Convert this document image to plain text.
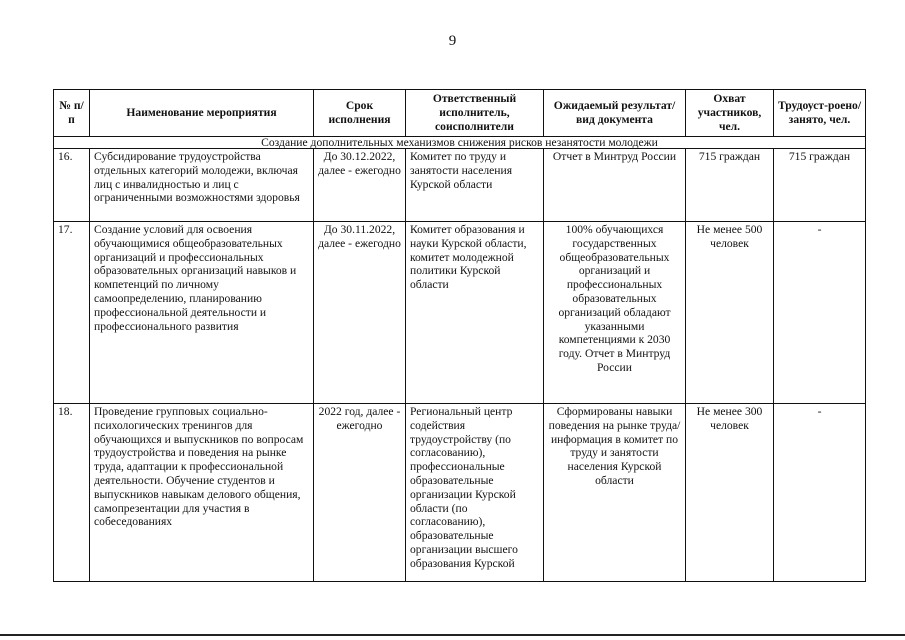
9
№ п/п	Наименование мероприятия	Срок исполнения	Ответственный исполнитель, соисполнители	Ожидаемый результат/вид документа	Охват участников, чел.	Трудоуст-роено/занято, чел.
Создание дополнительных механизмов снижения рисков незанятости молодежи						
16.	Субсидирование трудоустройства отдельных категорий молодежи, включая лиц с инвалидностью и лиц с ограниченными возможностями здоровья	До 30.12.2022, далее - ежегодно	Комитет по труду и занятости населения Курской области	Отчет в Минтруд России	715 граждан	715 граждан
17.	Создание условий для освоения обучающимися общеобразовательных организаций и профессиональных образовательных организаций навыков и компетенций по личному самоопределению, планированию профессиональной деятельности и профессионального развития	До 30.11.2022, далее - ежегодно	Комитет образования и науки Курской области, комитет молодежной политики Курской области	100% обучающихся государственных общеобразовательных организаций и профессиональных образовательных организаций обладают указанными компетенциями к 2030 году. Отчет в Минтруд России	Не менее 500 человек	-
18.	Проведение групповых социально-психологических тренингов для обучающихся и выпускников по вопросам трудоустройства и поведения на рынке труда, адаптации к профессиональной деятельности. Обучение студентов и выпускников навыкам делового общения, самопрезентации для участия в собеседованиях	2022 год, далее - ежегодно	Региональный центр содействия трудоустройству (по согласованию), профессиональные образовательные организации Курской области (по согласованию), образовательные организации высшего образования Курской	Сформированы навыки поведения на рынке труда/ информация в комитет по труду и занятости населения Курской области	Не менее 300 человек	-
